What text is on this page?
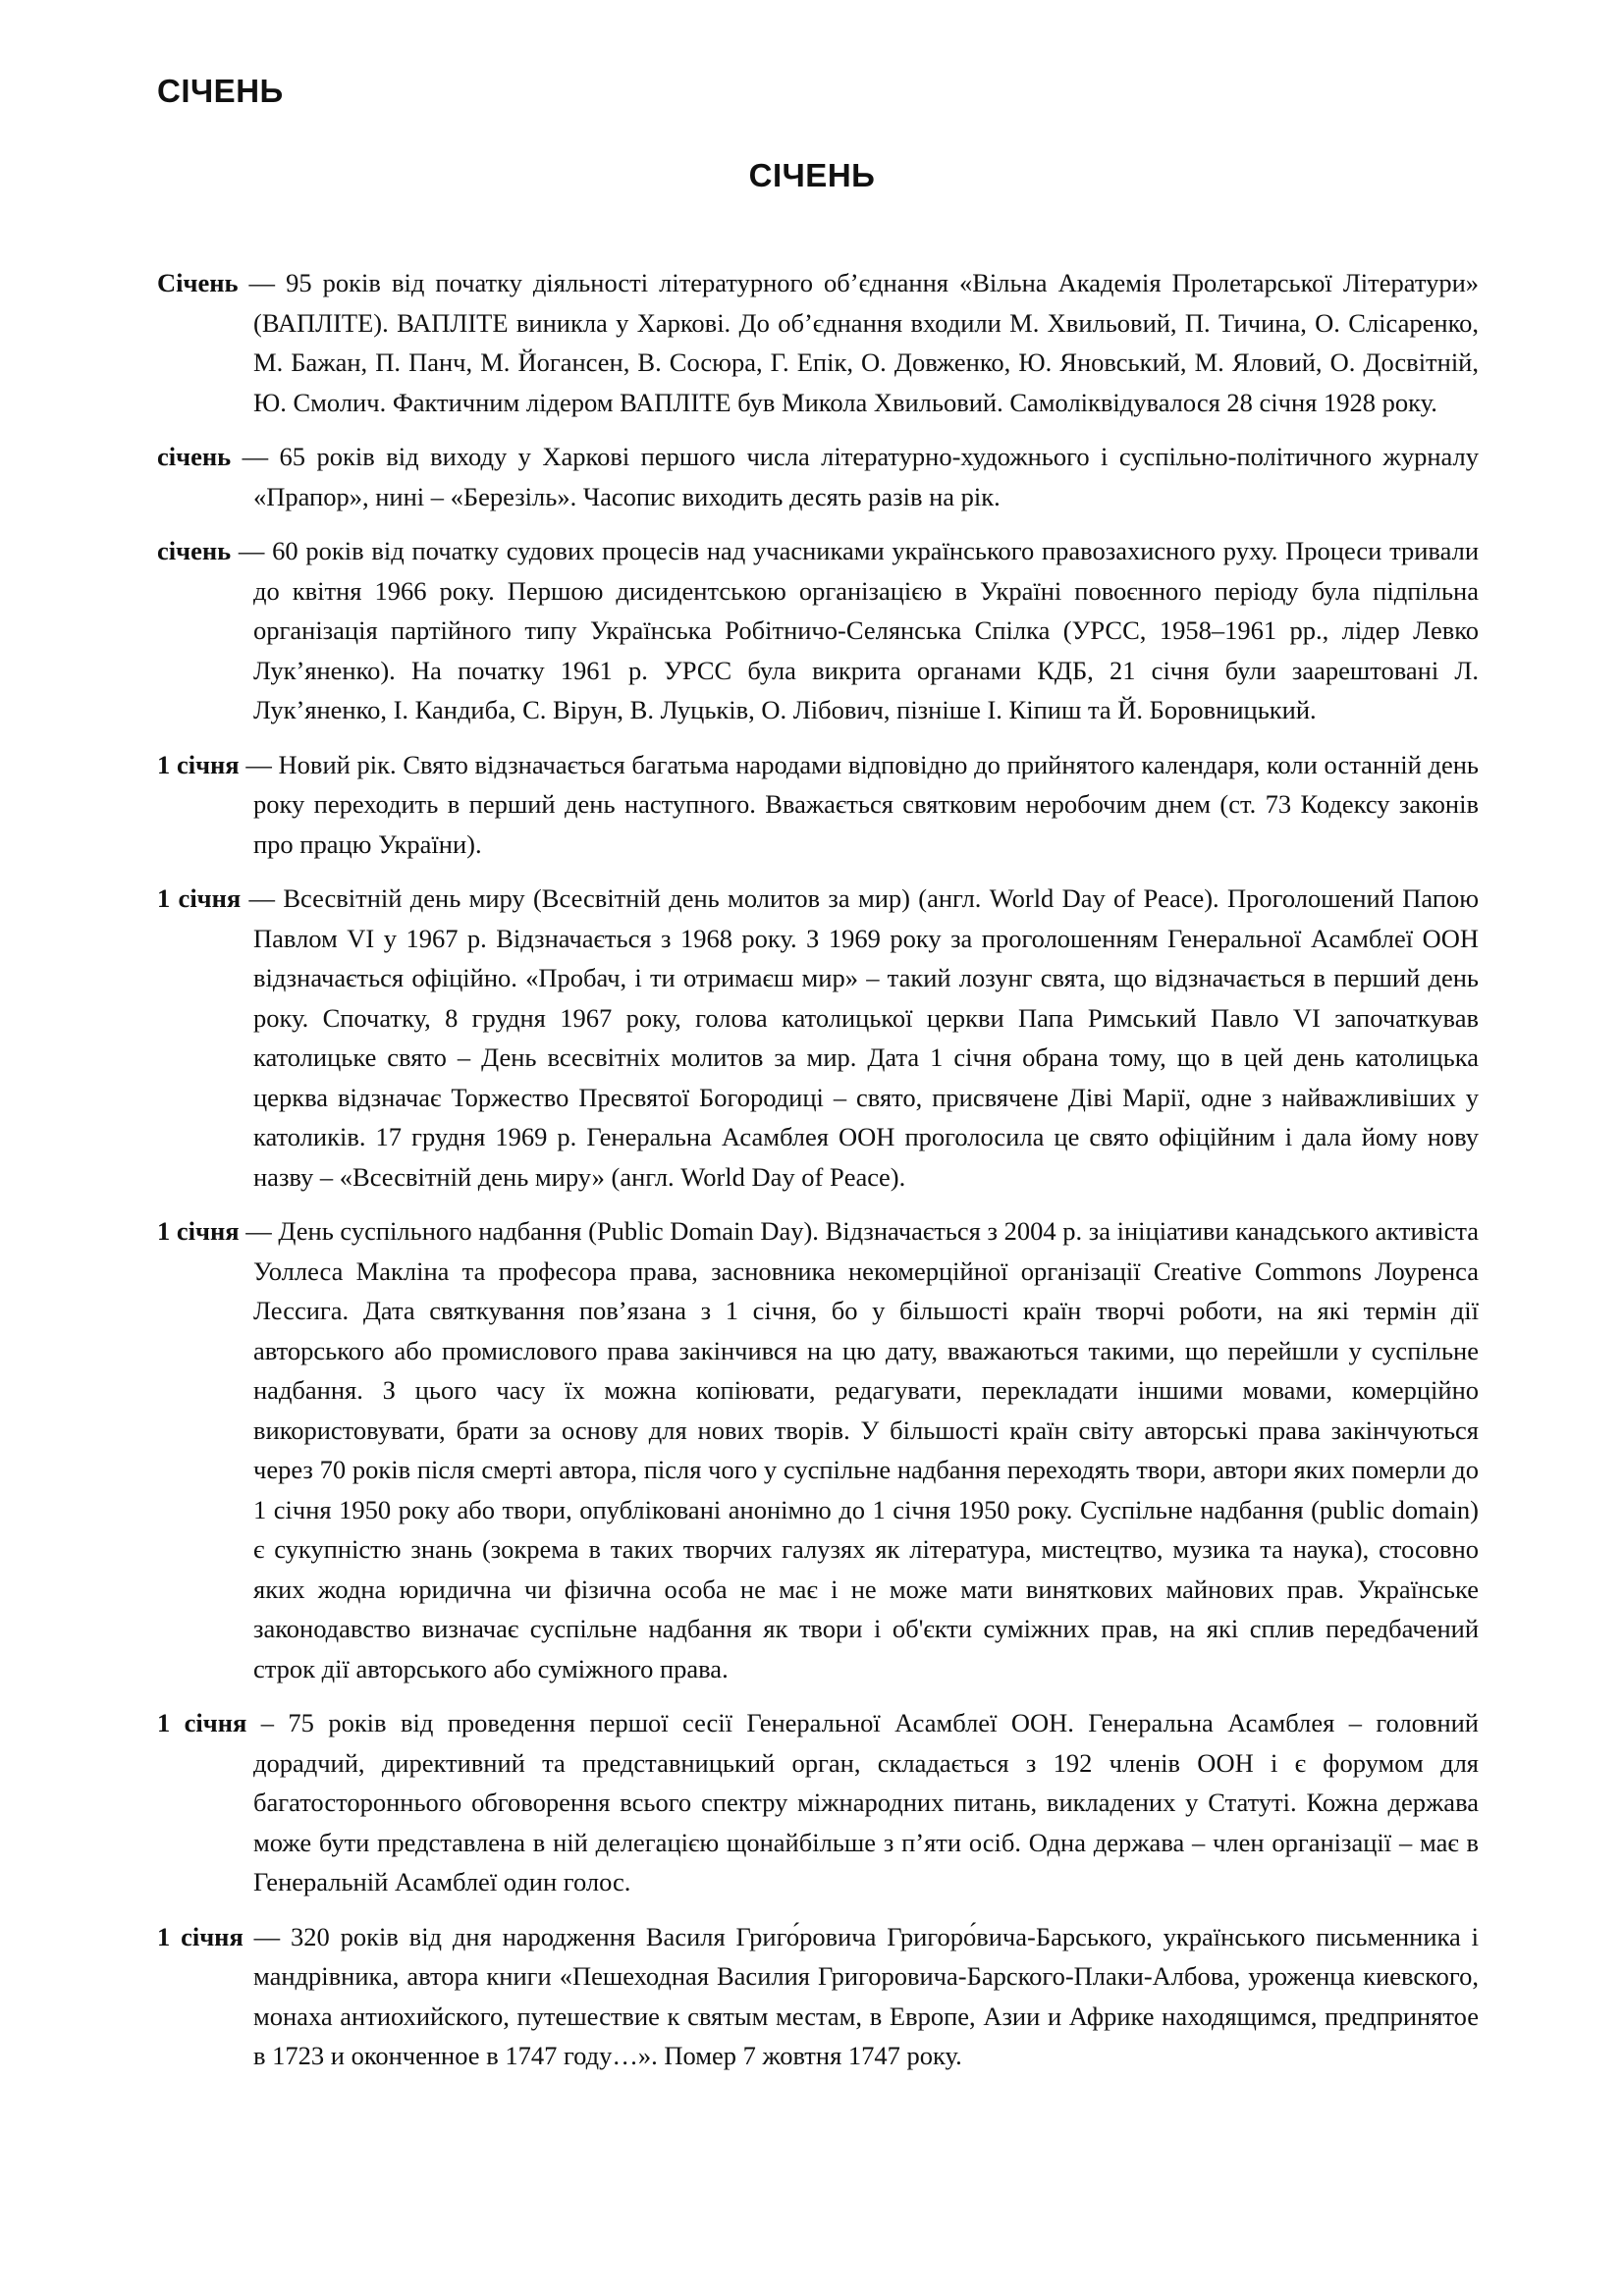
СІЧЕНЬ
СІЧЕНЬ

Січень — 95 років від початку діяльності літературного об’єднання «Вільна Академія Пролетарської Літератури» (ВАПЛІТЕ). ВАПЛІТЕ виникла у Харкові. До об’єднання входили М. Хвильовий, П. Тичина, О. Слісаренко, М. Бажан, П. Панч, М. Йогансен, В. Сосюра, Г. Епік, О. Довженко, Ю. Яновський, М. Яловий, О. Досвітній, Ю. Смолич. Фактичним лідером ВАПЛІТЕ був Микола Хвильовий. Самоліквідувалося 28 січня 1928 року.

січень — 65 років від виходу у Харкові першого числа літературно-художнього і суспільно-політичного журналу «Прапор», нині – «Березіль». Часопис виходить десять разів на рік.

січень — 60 років від початку судових процесів над учасниками українського правозахисного руху. Процеси тривали до квітня 1966 року. Першою дисидентською організацією в Україні повоєнного періоду була підпільна організація партійного типу Українська Робітничо-Селянська Спілка (УРСС, 1958–1961 рр., лідер Левко Лук’яненко). На початку 1961 р. УРСС була викрита органами КДБ, 21 січня були заарештовані Л. Лук’яненко, І. Кандиба, С. Вірун, В. Луцьків, О. Лібович, пізніше І. Кіпиш та Й. Боровницький.

1 січня — Новий рік. Свято відзначається багатьма народами відповідно до прийнятого календаря, коли останній день року переходить в перший день наступного. Вважається святковим неробочим днем (ст. 73 Кодексу законів про працю України).

1 січня — Всесвітній день миру (Всесвітній день молитов за мир) (англ. World Day of Peace). Проголошений Папою Павлом VI у 1967 р. Відзначається з 1968 року. З 1969 року за проголошенням Генеральної Асамблеї ООН відзначається офіційно. «Пробач, і ти отримаєш мир» – такий лозунг свята, що відзначається в перший день року. Спочатку, 8 грудня 1967 року, голова католицької церкви Папа Римський Павло VI започаткував католицьке свято – День всесвітніх молитов за мир. Дата 1 січня обрана тому, що в цей день католицька церква відзначає Торжество Пресвятої Богородиці – свято, присвячене Діві Марії, одне з найважливіших у католиків. 17 грудня 1969 р. Генеральна Асамблея ООН проголосила це свято офіційним і дала йому нову назву – «Всесвітній день миру» (англ. World Day of Peace).

1 січня — День суспільного надбання (Public Domain Day). Відзначається з 2004 р. за ініціативи канадського активіста Уоллеса Макліна та професора права, засновника некомерційної організації Creative Commons Лоуренса Лессига. Дата святкування пов’язана з 1 січня, бо у більшості країн творчі роботи, на які термін дії авторського або промислового права закінчився на цю дату, вважаються такими, що перейшли у суспільне надбання. З цього часу їх можна копіювати, редагувати, перекладати іншими мовами, комерційно використовувати, брати за основу для нових творів. У більшості країн світу авторські права закінчуються через 70 років після смерті автора, після чого у суспільне надбання переходять твори, автори яких померли до 1 січня 1950 року або твори, опубліковані анонімно до 1 січня 1950 року. Суспільне надбання (public domain) є сукупністю знань (зокрема в таких творчих галузях як література, мистецтво, музика та наука), стосовно яких жодна юридична чи фізична особа не має і не може мати виняткових майнових прав. Українське законодавство визначає суспільне надбання як твори і об'єкти суміжних прав, на які сплив передбачений строк дії авторського або суміжного права.

1 січня – 75 років від проведення першої сесії Генеральної Асамблеї ООН. Генеральна Асамблея – головний дорадчий, директивний та представницький орган, складається з 192 членів ООН і є форумом для багатостороннього обговорення всього спектру міжнародних питань, викладених у Статуті. Кожна держава може бути представлена в ній делегацією щонайбільше з п’яти осіб. Одна держава – член організації – має в Генеральній Асамблеї один голос.

1 січня — 320 років від дня народження Василя Григо́ровича Григоро́вича-Барського, українського письменника і мандрівника, автора книги «Пешеходная Василия Григоровича-Барского-Плаки-Албова, уроженца киевского, монаха антиохийского, путешествие к святым местам, в Европе, Азии и Африке находящимся, предпринятое в 1723 и оконченное в 1747 году…». Помер 7 жовтня 1747 року.
